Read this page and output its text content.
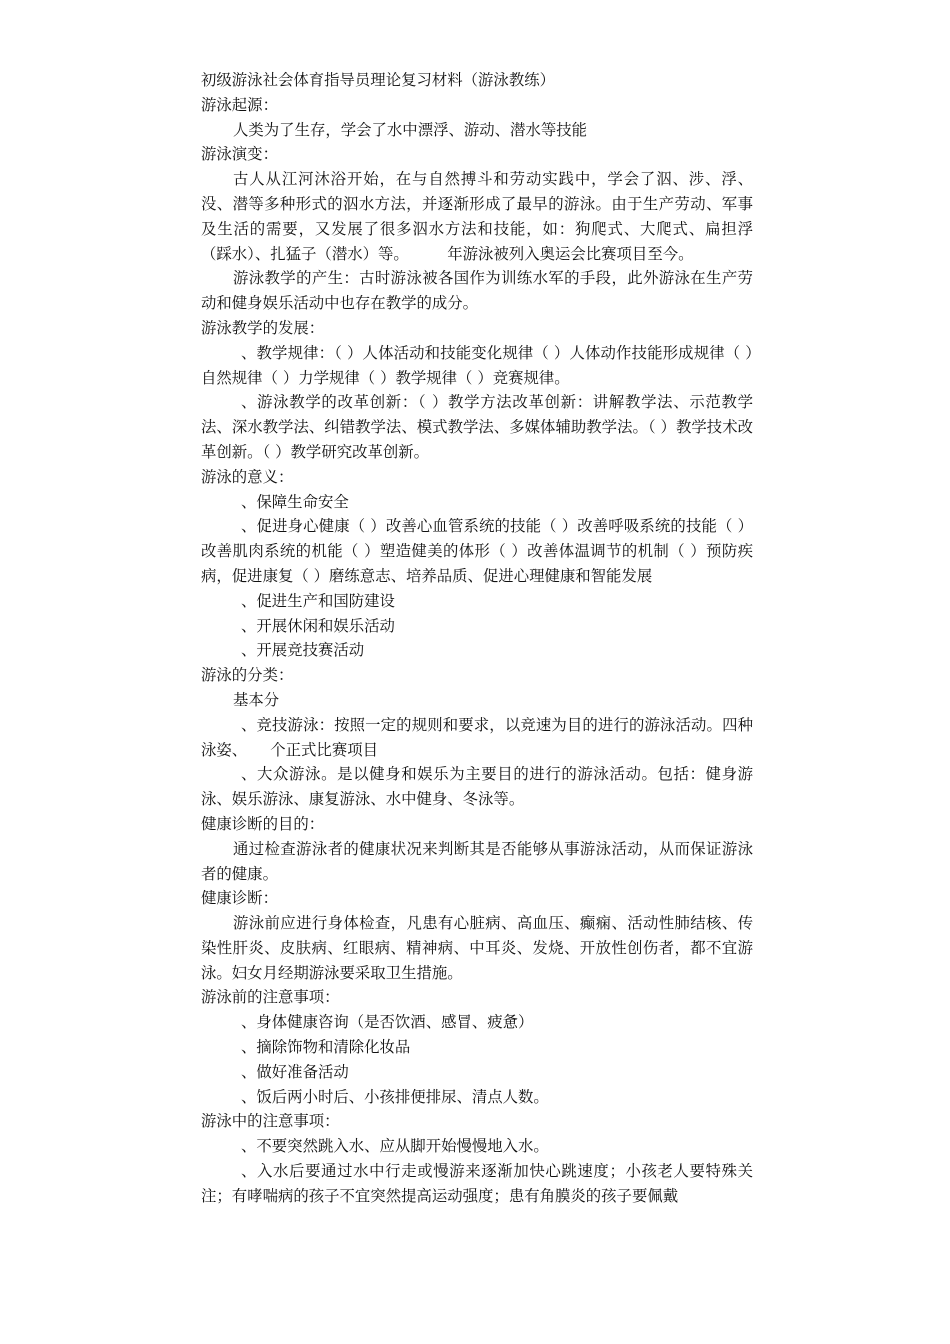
初级游泳社会体育指导员理论复习材料（游泳教练）

游泳起源：

人类为了生存，学会了水中漂浮、游动、潜水等技能

游泳演变：

古人从江河沐浴开始，在与自然搏斗和劳动实践中，学会了泅、涉、浮、没、潜等多种形式的泅水方法，并逐渐形成了最早的游泳。由于生产劳动、军事及生活的需要，又发展了很多泅水方法和技能，如：狗爬式、大爬式、扁担浮（踩水）、扎猛子（潜水）等。　　　年游泳被列入奥运会比赛项目至今。

游泳教学的产生：古时游泳被各国作为训练水军的手段，此外游泳在生产劳动和健身娱乐活动中也存在教学的成分。

游泳教学的发展：

、教学规律：（ ）人体活动和技能变化规律（ ）人体动作技能形成规律（ ）自然规律（ ）力学规律（ ）教学规律（ ）竞赛规律。

、游泳教学的改革创新：（ ）教学方法改革创新：讲解教学法、示范教学法、深水教学法、纠错教学法、模式教学法、多媒体辅助教学法。（ ）教学技术改革创新。（ ）教学研究改革创新。

游泳的意义：

、保障生命安全

、促进身心健康（ ）改善心血管系统的技能（ ）改善呼吸系统的技能（ ）改善肌肉系统的机能（ ）塑造健美的体形（ ）改善体温调节的机制（ ）预防疾病，促进康复（ ）磨练意志、培养品质、促进心理健康和智能发展

、促进生产和国防建设

、开展休闲和娱乐活动

、开展竞技赛活动

游泳的分类：

基本分

、竞技游泳：按照一定的规则和要求，以竞速为目的进行的游泳活动。四种泳姿、　　个正式比赛项目

、大众游泳。是以健身和娱乐为主要目的进行的游泳活动。包括：健身游泳、娱乐游泳、康复游泳、水中健身、冬泳等。

健康诊断的目的：

通过检查游泳者的健康状况来判断其是否能够从事游泳活动，从而保证游泳者的健康。

健康诊断：

游泳前应进行身体检查，凡患有心脏病、高血压、癫痫、活动性肺结核、传染性肝炎、皮肤病、红眼病、精神病、中耳炎、发烧、开放性创伤者，都不宜游泳。妇女月经期游泳要采取卫生措施。

游泳前的注意事项：

、身体健康咨询（是否饮酒、感冒、疲惫）

、摘除饰物和清除化妆品

、做好准备活动

、饭后两小时后、小孩排便排尿、清点人数。

游泳中的注意事项：

、不要突然跳入水、应从脚开始慢慢地入水。

、入水后要通过水中行走或慢游来逐渐加快心跳速度；小孩老人要特殊关注；有哮喘病的孩子不宜突然提高运动强度；患有角膜炎的孩子要佩戴
